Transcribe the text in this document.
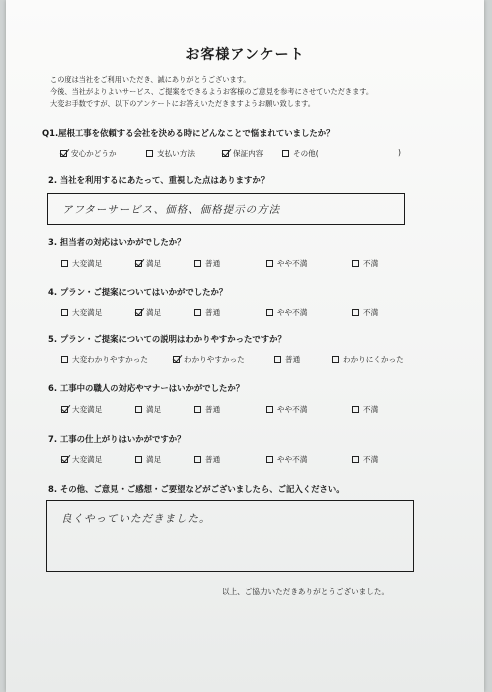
お客様アンケート
この度は当社をご利用いただき、誠にありがとうございます。
今後、当社がよりよいサービス、ご提案をできるようお客様のご意見を参考にさせていただきます。
大変お手数ですが、以下のアンケートにお答えいただきますようお願い致します。
Q1.屋根工事を依頼する会社を決める時にどんなことで悩まれていましたか？
安心かどうか	支払い方法	保証内容	その他(	)
2. 当社を利用するにあたって、重視した点はありますか？
アフターサービス、価格、価格提示の方法
3. 担当者の対応はいかがでしたか？
大変満足	満足	普通	やや不満	不満
4. プラン・ご提案についてはいかがでしたか？
大変満足	満足	普通	やや不満	不満
5. プラン・ご提案についての説明はわかりやすかったですか？
大変わかりやすかった	わかりやすかった	普通	わかりにくかった
6. 工事中の職人の対応やマナーはいかがでしたか？
大変満足	満足	普通	やや不満	不満
7. 工事の仕上がりはいかがですか？
大変満足	満足	普通	やや不満	不満
8. その他、ご意見・ご感想・ご要望などがございましたら、ご記入ください。
良くやっていただきました。
以上、ご協力いただきありがとうございました。
